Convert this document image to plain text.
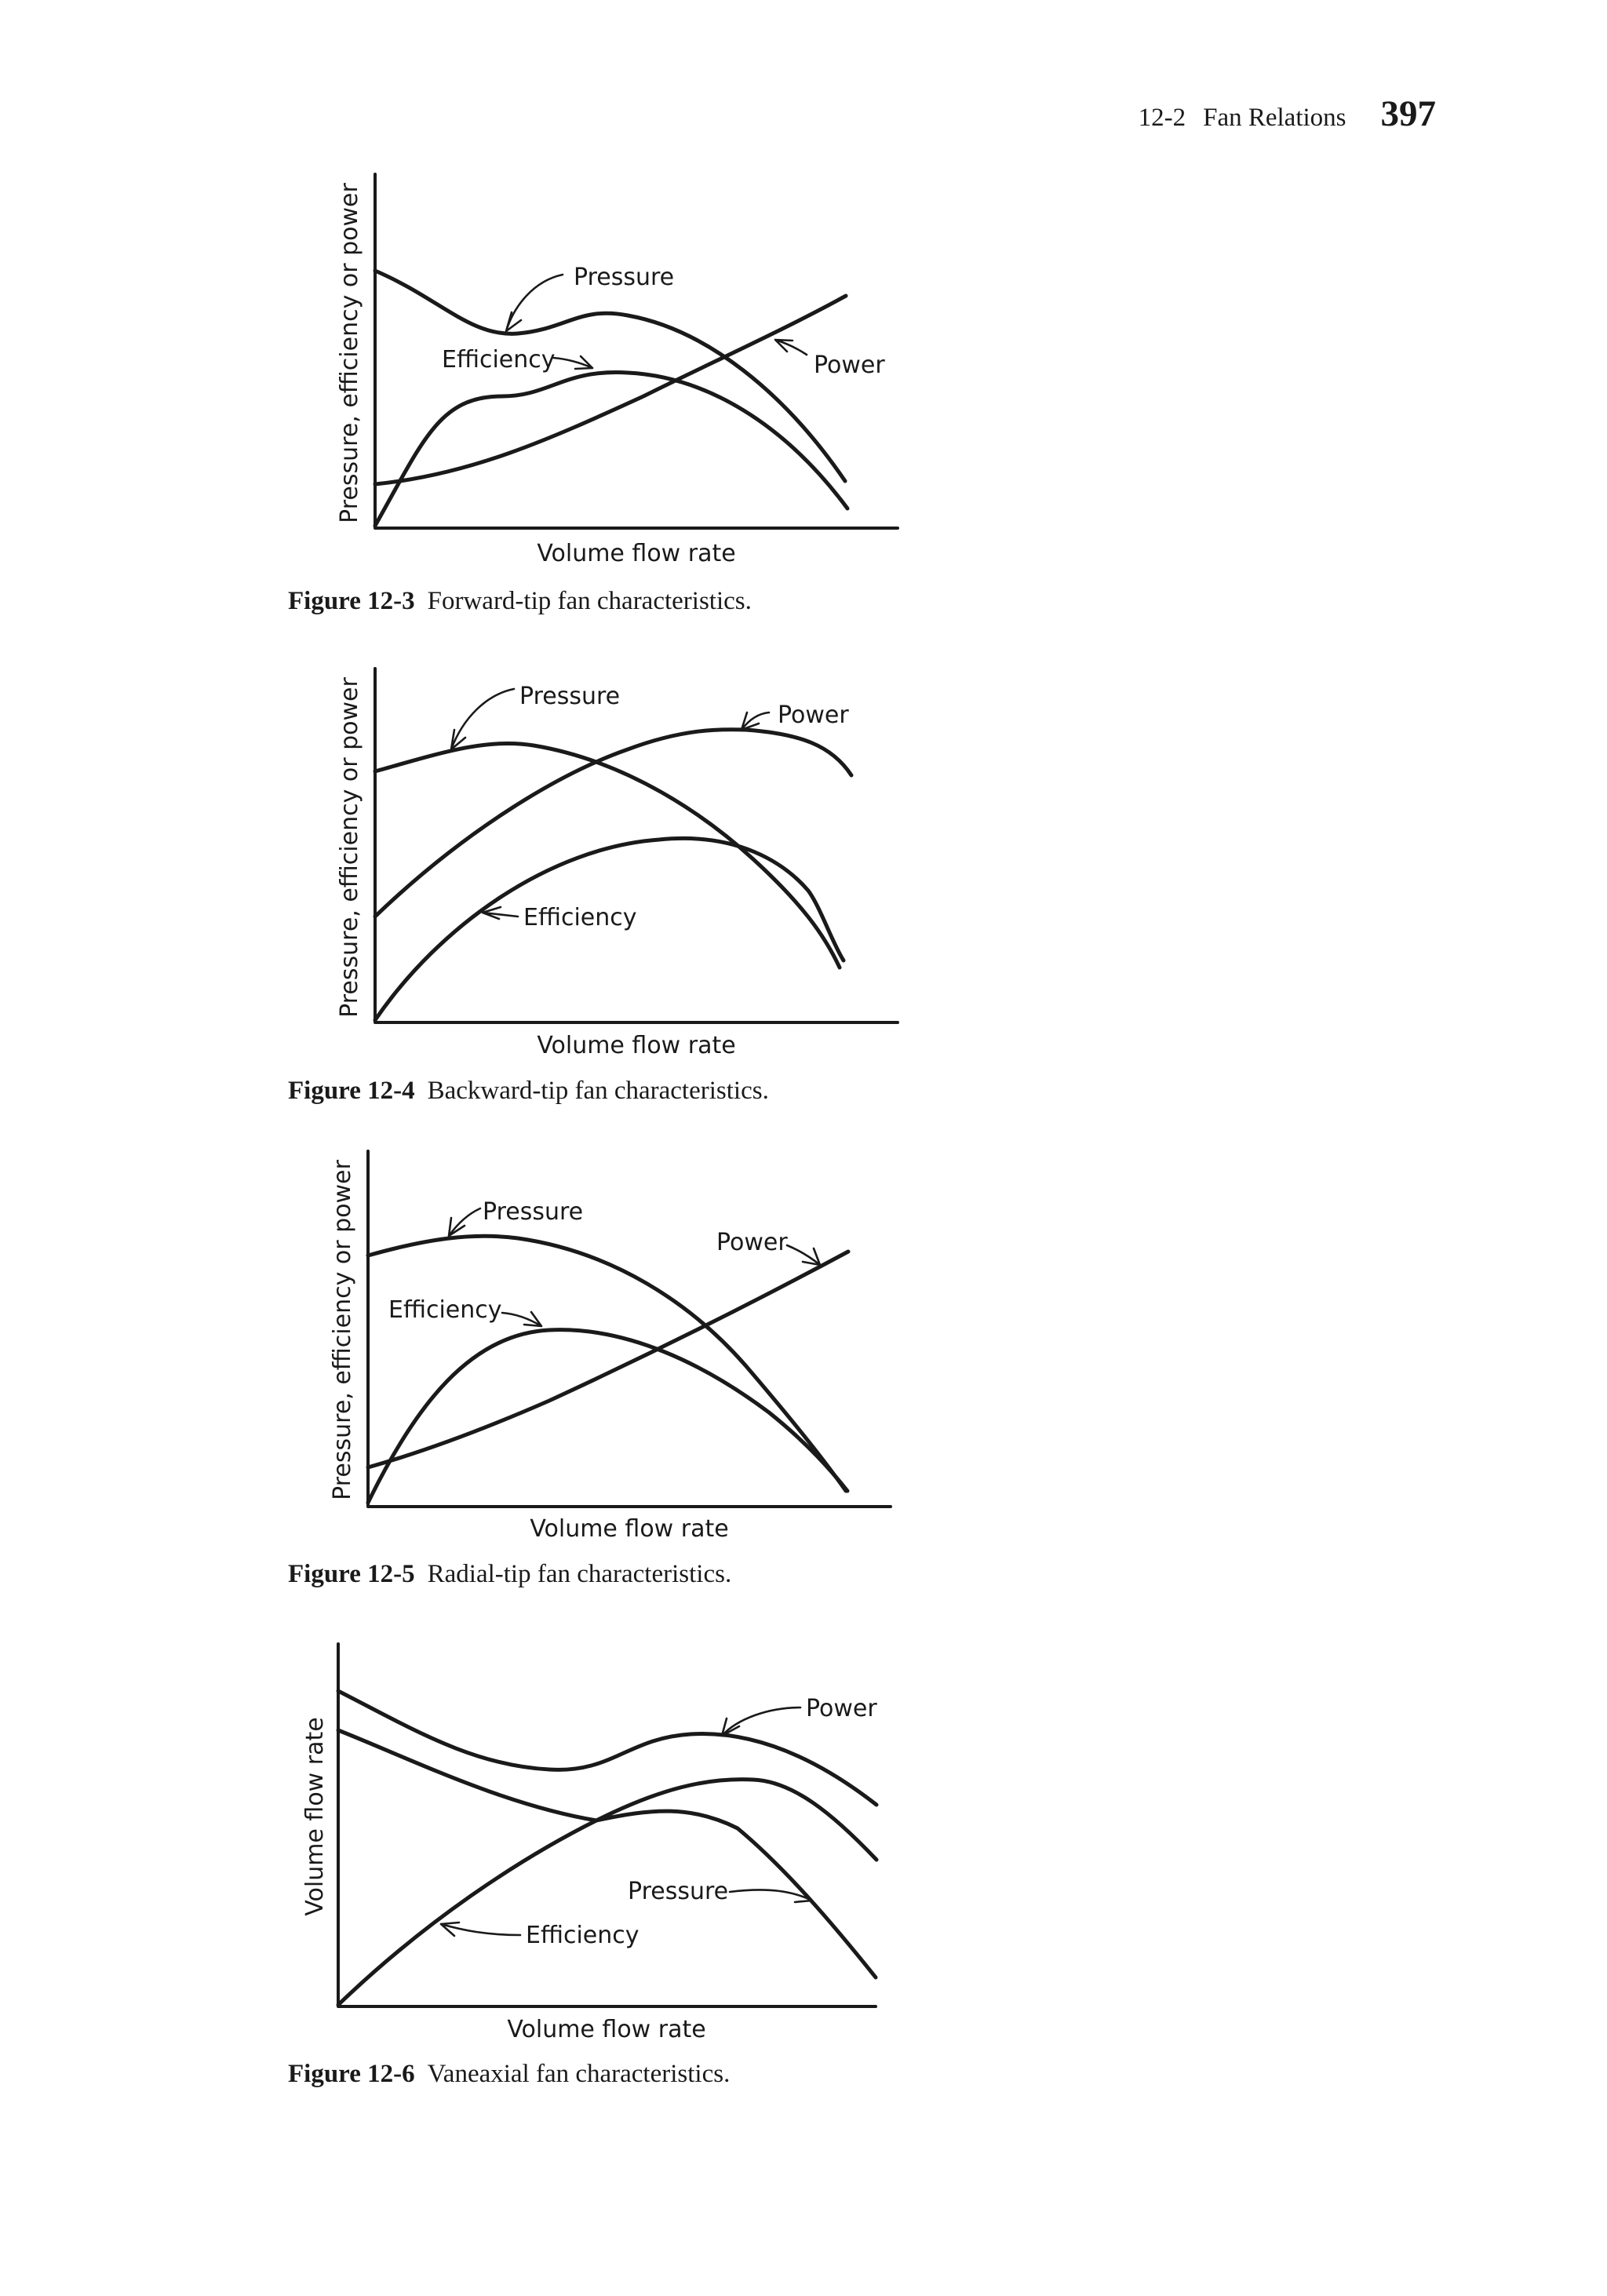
12-2 Fan Relations 397
Pressure
Efficiency	Power
Volume flow rate
Pressure, efficiency or power
Figure 12-3 Forward-tip fan characteristics.
Pressure
Power
Efficiency
Volume flow rate
Pressure, efficiency or power
Figure 12-4 Backward-tip fan characteristics.
Pressure
Power
Efficiency
Volume flow rate
Pressure, efficiency or power
Figure 12-5 Radial-tip fan characteristics.
Power
Pressure
Efficiency
Volume flow rate
Volume flow rate
Figure 12-6 Vaneaxial fan characteristics.
